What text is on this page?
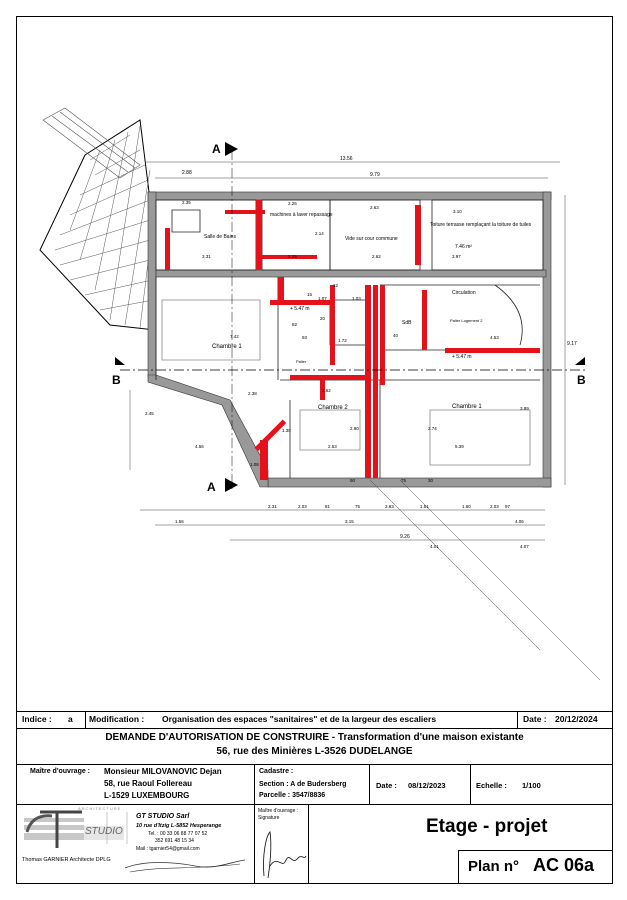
A
A
B	B
13.56
9.79
2.88
9.17
9.26
Salle de Bains
machines à laver repassage
Vide sur cour commune
Toiture terrasse remplaçant la toiture de tuiles
7.46 m²
Circulation
Palier Logement 2
SdB
Chambre 1
Chambre 2	Chambre 1
Palier
+ 5.47 m
+ 5.47 m
2.31	2.03	81	75	2.63	1.51	1.60	2.03 97
1.56	3.15	4.06
2.35	2.25
2.14
2.63
3.10
3.31	2.25	2.62	3.97
7.42
1.07	1.03
1.72
4.53
2.62
2.53
2.90
5.39
2.74
3.89
4.01	4.07
2.45
4.56
1.08
2.38
1.30
93
20
82
12
15
40
90	30
75
Indice : a Modification : Organisation des espaces "sanitaires" et de la largeur des escaliers	Date : 20/12/2024
DEMANDE D'AUTORISATION DE CONSTRUIRE - Transformation d'une maison existante
56, rue des Minières L-3526 DUDELANGE
Maître d'ouvrage : Monsieur MILOVANOVIC Dejan
58, rue Raoul Follereau
L-1529 LUXEMBOURG
Cadastre :
Section : A de Budersberg
Parcelle : 3547/8836
Date : 08/12/2023	Echelle : 1/100
ARCHITECTURE
STUDIO
GT STUDIO Sarl
10 rue d'Itzig L-5852 Hesperange
Tel. : 00 33 06 88 77 07 52
352 691 48 15 34
Mail : tgarnier54@gmail.com
Thomas GARNIER Architecte DPLG
Maître d'ouvrage :
Signature	Etage - projet
Plan n° AC 06a
